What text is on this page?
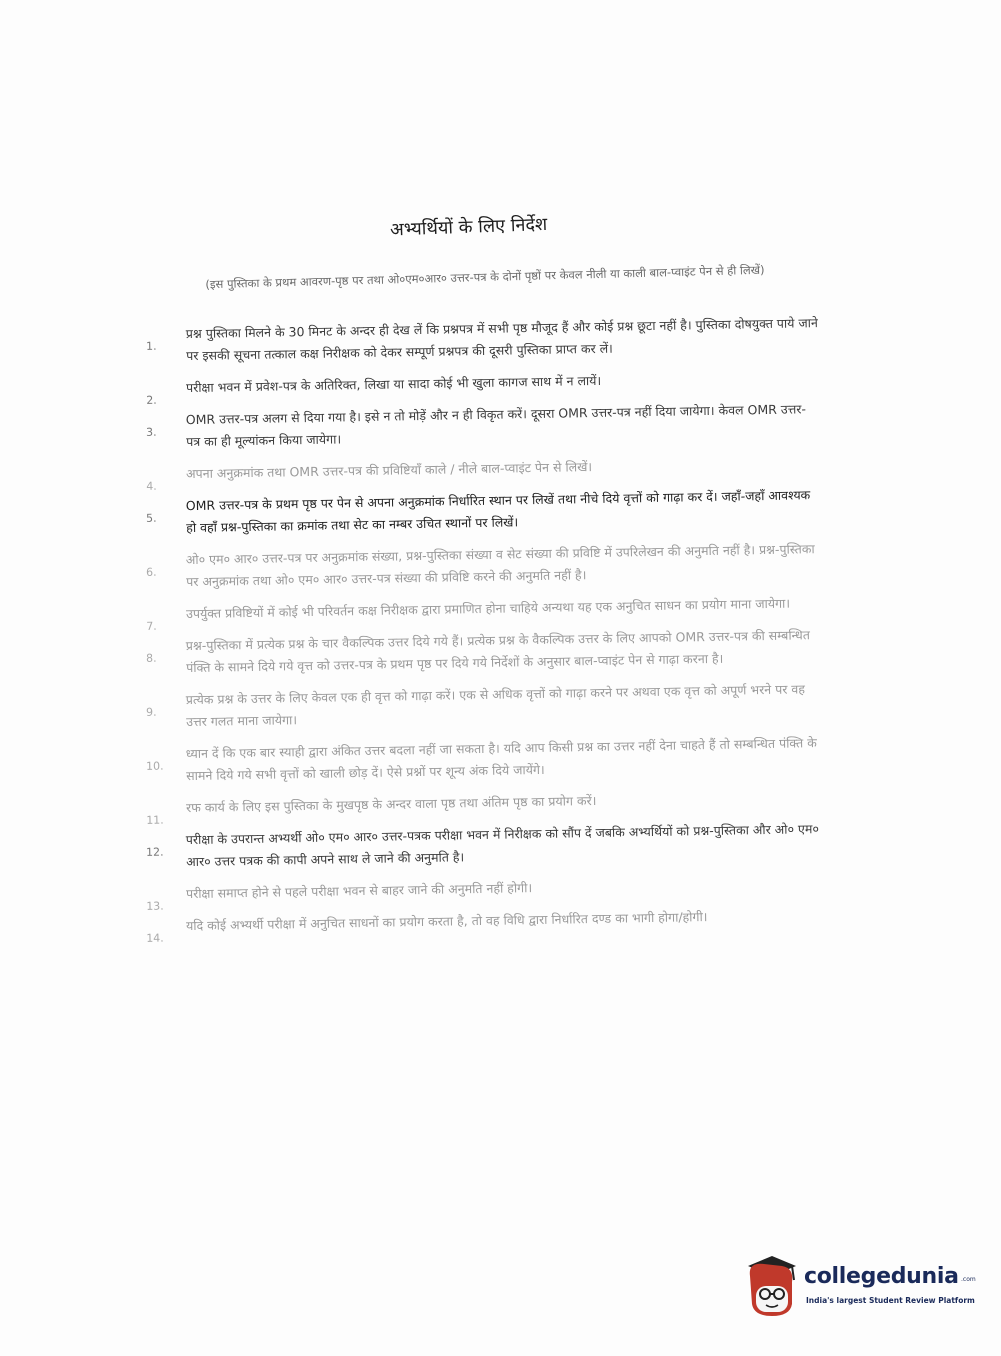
अभ्यर्थियों के लिए निर्देश
(इस पुस्तिका के प्रथम आवरण-पृष्ठ पर तथा ओ०एम०आर० उत्तर-पत्र के दोनों पृष्ठों पर केवल नीली या काली बाल-प्वाइंट पेन से ही लिखें)
1.
प्रश्न पुस्तिका मिलने के 30 मिनट के अन्दर ही देख लें कि प्रश्नपत्र में सभी पृष्ठ मौजूद हैं और कोई प्रश्न छूटा नहीं है। पुस्तिका दोषयुक्त पाये जाने पर इसकी सूचना तत्काल कक्ष निरीक्षक को देकर सम्पूर्ण प्रश्नपत्र की दूसरी पुस्तिका प्राप्त कर लें।
2.
परीक्षा भवन में प्रवेश-पत्र के अतिरिक्त, लिखा या सादा कोई भी खुला कागज साथ में न लायें।
3.
OMR उत्तर-पत्र अलग से दिया गया है। इसे न तो मोड़ें और न ही विकृत करें। दूसरा OMR उत्तर-पत्र नहीं दिया जायेगा। केवल OMR उत्तर-पत्र का ही मूल्यांकन किया जायेगा।
4.
अपना अनुक्रमांक तथा OMR उत्तर-पत्र की प्रविष्टियाँ काले / नीले बाल-प्वाइंट पेन से लिखें।
5.
OMR उत्तर-पत्र के प्रथम पृष्ठ पर पेन से अपना अनुक्रमांक निर्धारित स्थान पर लिखें तथा नीचे दिये वृत्तों को गाढ़ा कर दें। जहाँ-जहाँ आवश्यक हो वहाँ प्रश्न-पुस्तिका का क्रमांक तथा सेट का नम्बर उचित स्थानों पर लिखें।
6.
ओ० एम० आर० उत्तर-पत्र पर अनुक्रमांक संख्या, प्रश्न-पुस्तिका संख्या व सेट संख्या की प्रविष्टि में उपरिलेखन की अनुमति नहीं है। प्रश्न-पुस्तिका पर अनुक्रमांक तथा ओ० एम० आर० उत्तर-पत्र संख्या की प्रविष्टि करने की अनुमति नहीं है।
7.
उपर्युक्त प्रविष्टियों में कोई भी परिवर्तन कक्ष निरीक्षक द्वारा प्रमाणित होना चाहिये अन्यथा यह एक अनुचित साधन का प्रयोग माना जायेगा।
8.
प्रश्न-पुस्तिका में प्रत्येक प्रश्न के चार वैकल्पिक उत्तर दिये गये हैं। प्रत्येक प्रश्न के वैकल्पिक उत्तर के लिए आपको OMR उत्तर-पत्र की सम्बन्धित पंक्ति के सामने दिये गये वृत्त को उत्तर-पत्र के प्रथम पृष्ठ पर दिये गये निर्देशों के अनुसार बाल-प्वाइंट पेन से गाढ़ा करना है।
9.
प्रत्येक प्रश्न के उत्तर के लिए केवल एक ही वृत्त को गाढ़ा करें। एक से अधिक वृत्तों को गाढ़ा करने पर अथवा एक वृत्त को अपूर्ण भरने पर वह उत्तर गलत माना जायेगा।
10.
ध्यान दें कि एक बार स्याही द्वारा अंकित उत्तर बदला नहीं जा सकता है। यदि आप किसी प्रश्न का उत्तर नहीं देना चाहते हैं तो सम्बन्धित पंक्ति के सामने दिये गये सभी वृत्तों को खाली छोड़ दें। ऐसे प्रश्नों पर शून्य अंक दिये जायेंगे।
11.
रफ कार्य के लिए इस पुस्तिका के मुखपृष्ठ के अन्दर वाला पृष्ठ तथा अंतिम पृष्ठ का प्रयोग करें।
12.
परीक्षा के उपरान्त अभ्यर्थी ओ० एम० आर० उत्तर-पत्रक परीक्षा भवन में निरीक्षक को सौंप दें जबकि अभ्यर्थियों को प्रश्न-पुस्तिका और ओ० एम० आर० उत्तर पत्रक की कापी अपने साथ ले जाने की अनुमति है।
13.
परीक्षा समाप्त होने से पहले परीक्षा भवन से बाहर जाने की अनुमति नहीं होगी।
14.
यदि कोई अभ्यर्थी परीक्षा में अनुचित साधनों का प्रयोग करता है, तो वह विधि द्वारा निर्धारित दण्ड का भागी होगा/होगी।
collegedunia .com
India's largest Student Review Platform
